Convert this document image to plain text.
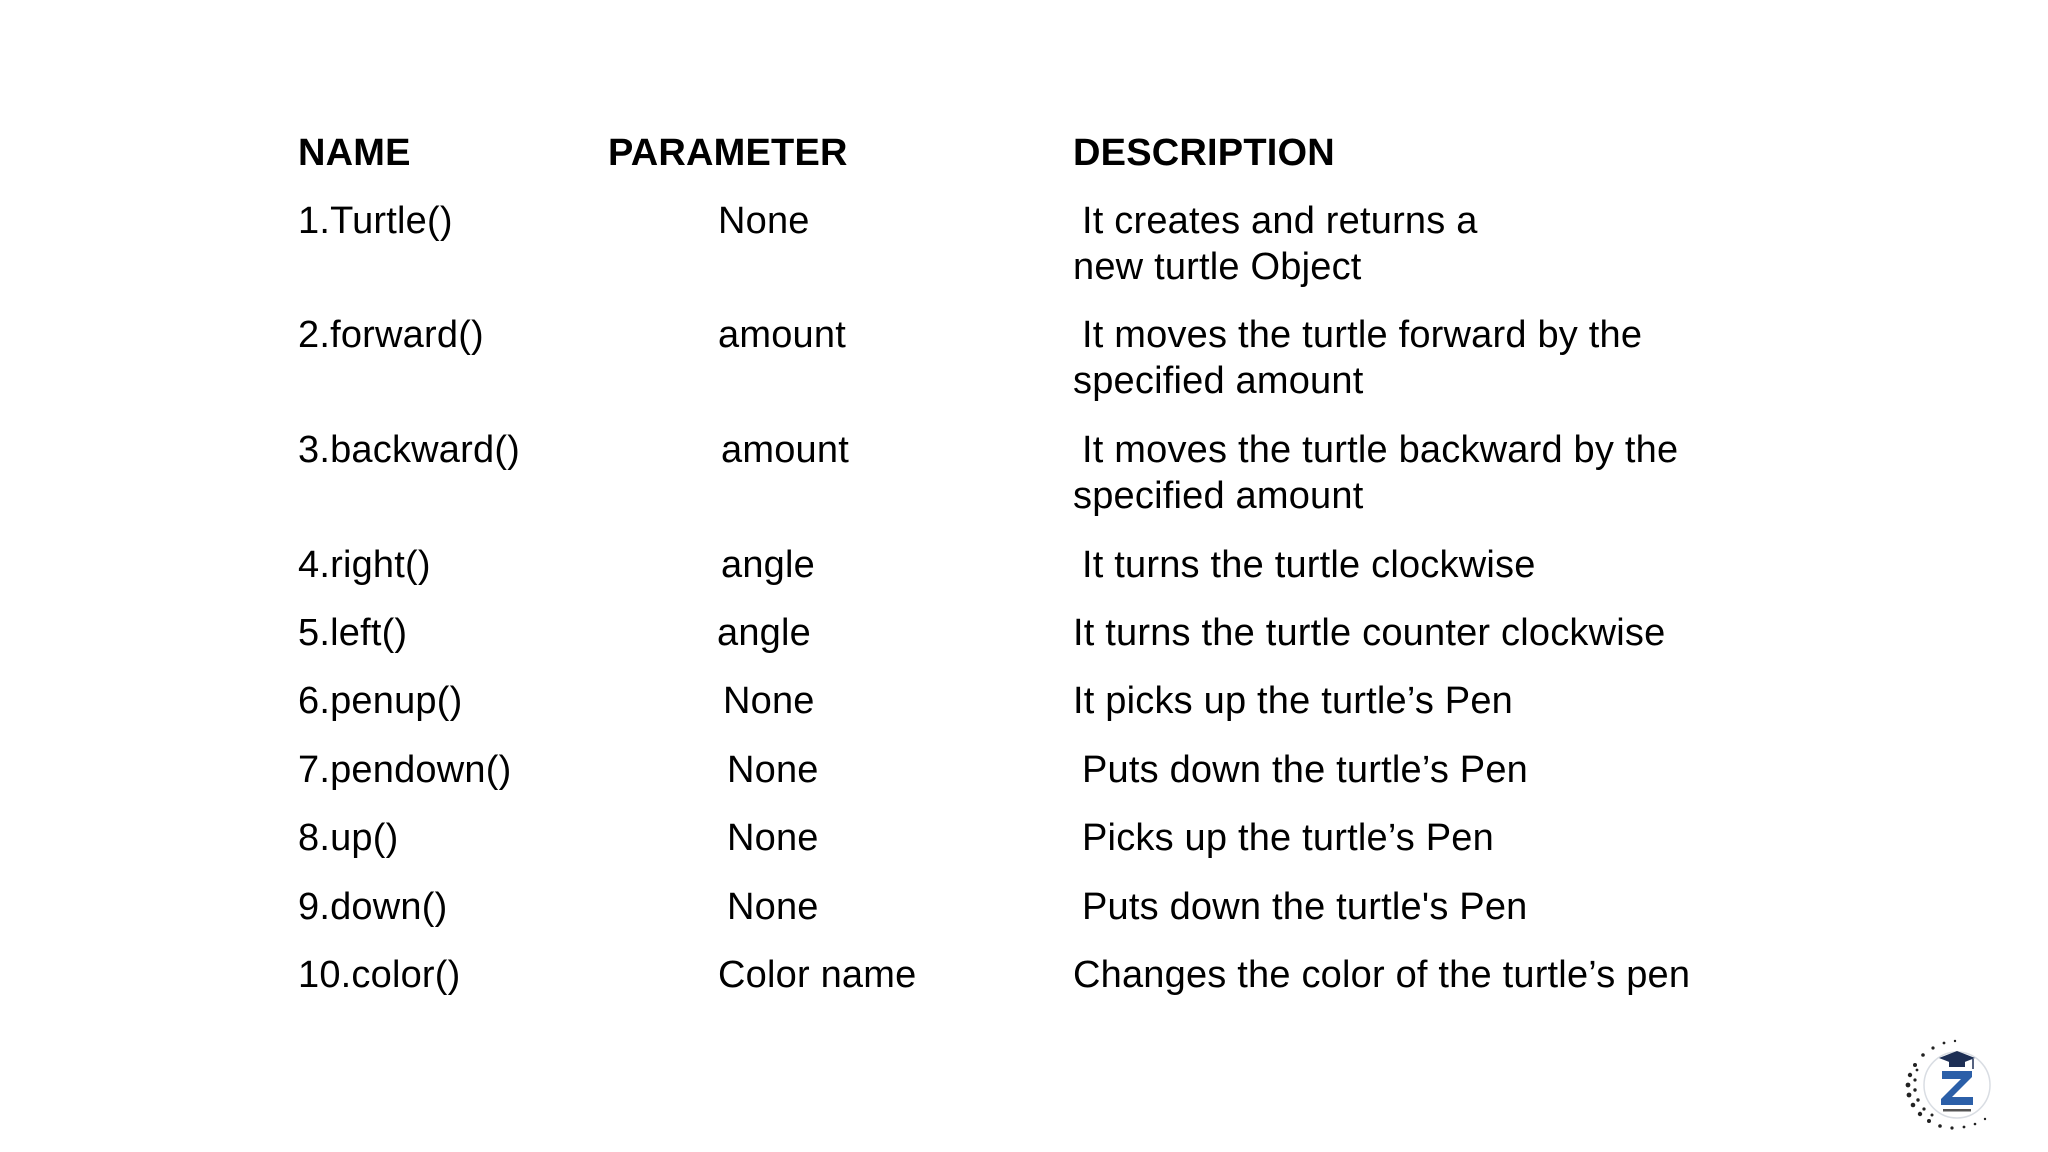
NAME	PARAMETER	DESCRIPTION
1.Turtle()	None	It creates and returns a
new turtle Object
2.forward()	amount	It moves the turtle forward by the
specified amount
3.backward()	amount	It moves the turtle backward by the
specified amount
4.right()	angle	It turns the turtle clockwise
5.left()	angle	It turns the turtle counter clockwise
6.penup()	None	It picks up the turtle’s Pen
7.pendown()	None	Puts down the turtle’s Pen
8.up()	None	Picks up the turtle’s Pen
9.down()	None	Puts down the turtle's Pen
10.color()	Color name	Changes the color of the turtle’s pen
